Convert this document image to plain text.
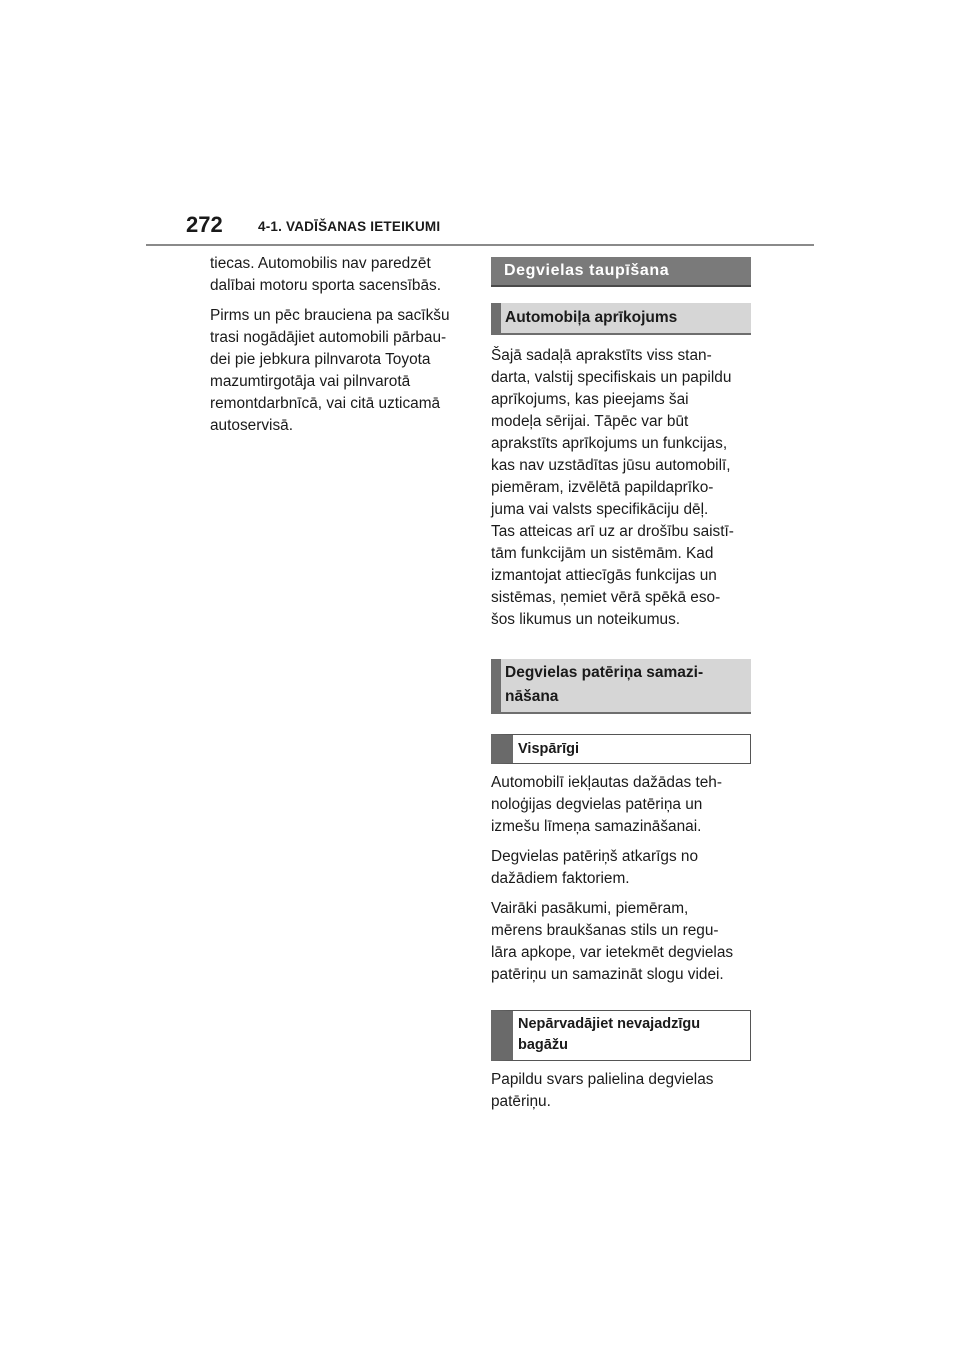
272	4-1. VADĪŠANAS IETEIKUMI

tiecas. Automobilis nav paredzēt
dalībai motoru sporta sacensībās.

Pirms un pēc brauciena pa sacīkšu
trasi nogādājiet automobili pārbau-
dei pie jebkura pilnvarota Toyota
mazumtirgotāja vai pilnvarotā
remontdarbnīcā, vai citā uzticamā
autoservisā.

Degvielas taupīšana
Automobiļa aprīkojums

Šajā sadaļā aprakstīts viss stan-
darta, valstij specifiskais un papildu
aprīkojums, kas pieejams šai
modeļa sērijai. Tāpēc var būt
aprakstīts aprīkojums un funkcijas,
kas nav uzstādītas jūsu automobilī,
piemēram, izvēlētā papildaprīko-
juma vai valsts specifikāciju dēļ.
Tas atteicas arī uz ar drošību saistī-
tām funkcijām un sistēmām. Kad
izmantojat attiecīgās funkcijas un
sistēmas, ņemiet vērā spēkā eso-
šos likumus un noteikumus.

Degvielas patēriņa samazi-
nāšana
Vispārīgi

Automobilī iekļautas dažādas teh-
noloģijas degvielas patēriņa un
izmešu līmeņa samazināšanai.

Degvielas patēriņš atkarīgs no
dažādiem faktoriem.

Vairāki pasākumi, piemēram,
mērens braukšanas stils un regu-
lāra apkope, var ietekmēt degvielas
patēriņu un samazināt slogu videi.

Nepārvadājiet nevajadzīgu
bagāžu

Papildu svars palielina degvielas
patēriņu.
